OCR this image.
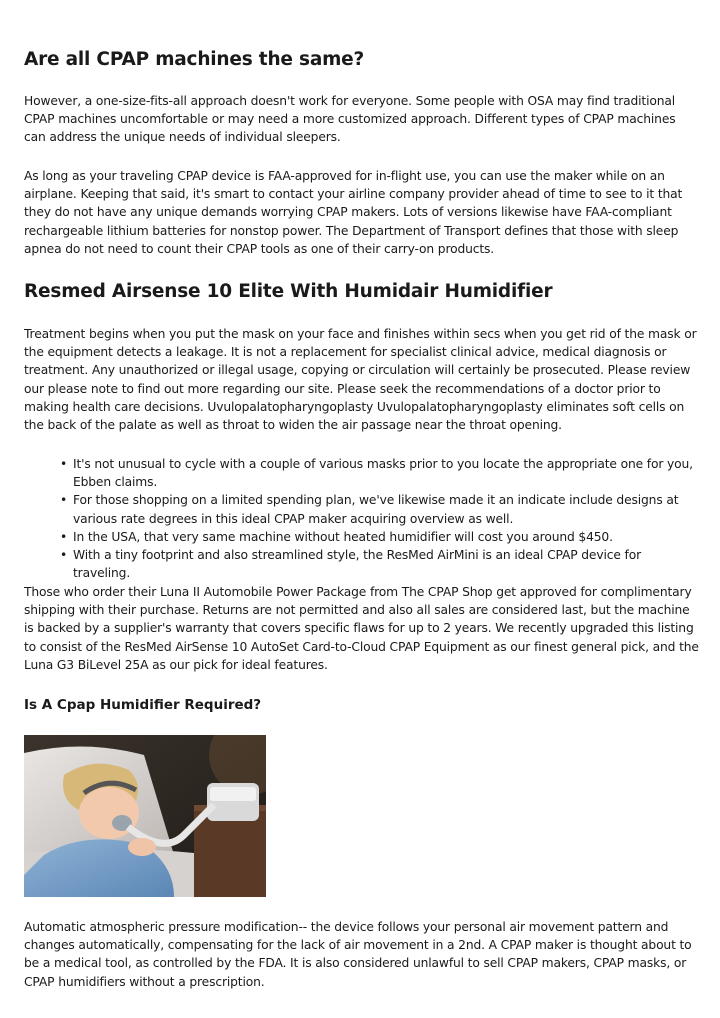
Are all CPAP machines the same?

However, a one-size-fits-all approach doesn't work for everyone. Some people with OSA may find traditional CPAP machines uncomfortable or may need a more customized approach. Different types of CPAP machines can address the unique needs of individual sleepers.

As long as your traveling CPAP device is FAA-approved for in-flight use, you can use the maker while on an airplane. Keeping that said, it's smart to contact your airline company provider ahead of time to see to it that they do not have any unique demands worrying CPAP makers. Lots of versions likewise have FAA-compliant rechargeable lithium batteries for nonstop power. The Department of Transport defines that those with sleep apnea do not need to count their CPAP tools as one of their carry-on products.

Resmed Airsense 10 Elite With Humidair Humidifier

Treatment begins when you put the mask on your face and finishes within secs when you get rid of the mask or the equipment detects a leakage. It is not a replacement for specialist clinical advice, medical diagnosis or treatment. Any unauthorized or illegal usage, copying or circulation will certainly be prosecuted. Please review our please note to find out more regarding our site. Please seek the recommendations of a doctor prior to making health care decisions. Uvulopalatopharyngoplasty Uvulopalatopharyngoplasty eliminates soft cells on the back of the palate as well as throat to widen the air passage near the throat opening.

• It's not unusual to cycle with a couple of various masks prior to you locate the appropriate one for you, Ebben claims.
• For those shopping on a limited spending plan, we've likewise made it an indicate include designs at various rate degrees in this ideal CPAP maker acquiring overview as well.
• In the USA, that very same machine without heated humidifier will cost you around $450.
• With a tiny footprint and also streamlined style, the ResMed AirMini is an ideal CPAP device for traveling.

Those who order their Luna II Automobile Power Package from The CPAP Shop get approved for complimentary shipping with their purchase. Returns are not permitted and also all sales are considered last, but the machine is backed by a supplier's warranty that covers specific flaws for up to 2 years. We recently upgraded this listing to consist of the ResMed AirSense 10 AutoSet Card-to-Cloud CPAP Equipment as our finest general pick, and the Luna G3 BiLevel 25A as our pick for ideal features.

Is A Cpap Humidifier Required?

Automatic atmospheric pressure modification-- the device follows your personal air movement pattern and changes automatically, compensating for the lack of air movement in a 2nd. A CPAP maker is thought about to be a medical tool, as controlled by the FDA. It is also considered unlawful to sell CPAP makers, CPAP masks, or CPAP humidifiers without a prescription.
